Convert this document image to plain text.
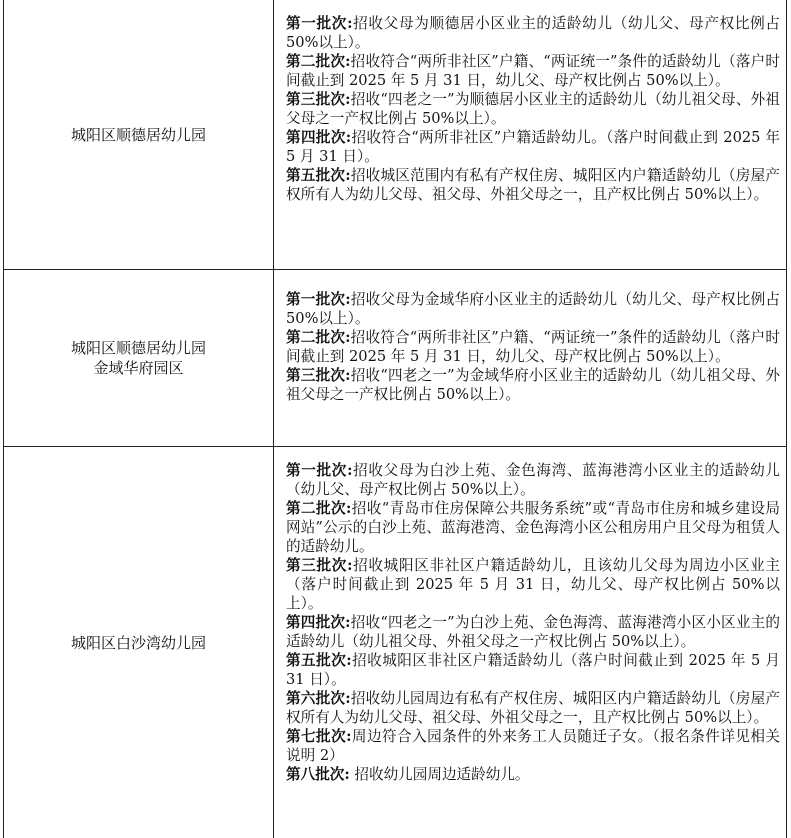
城阳区顺德居幼儿园

第一批次:招收父母为顺德居小区业主的适龄幼儿（幼儿父、母产权比例占 50%以上）。

第二批次:招收符合“两所非社区”户籍、“两证统一”条件的适龄幼儿（落户时间截止到 2025 年 5 月 31 日，幼儿父、母产权比例占 50%以上）。

第三批次:招收“四老之一”为顺德居小区业主的适龄幼儿（幼儿祖父母、外祖父母之一产权比例占 50%以上）。

第四批次:招收符合“两所非社区”户籍适龄幼儿。（落户时间截止到 2025 年 5 月 31 日）。

第五批次:招收城区范围内有私有产权住房、城阳区内户籍适龄幼儿（房屋产权所有人为幼儿父母、祖父母、外祖父母之一，且产权比例占 50%以上）。

城阳区顺德居幼儿园
金域华府园区

第一批次:招收父母为金域华府小区业主的适龄幼儿（幼儿父、母产权比例占 50%以上）。

第二批次:招收符合“两所非社区”户籍、“两证统一”条件的适龄幼儿（落户时间截止到 2025 年 5 月 31 日，幼儿父、母产权比例占 50%以上）。

第三批次:招收“四老之一”为金域华府小区业主的适龄幼儿（幼儿祖父母、外祖父母之一产权比例占 50%以上）。

城阳区白沙湾幼儿园

第一批次:招收父母为白沙上苑、金色海湾、蓝海港湾小区业主的适龄幼儿（幼儿父、母产权比例占 50%以上）。

第二批次:招收“青岛市住房保障公共服务系统”或“青岛市住房和城乡建设局网站”公示的白沙上苑、蓝海港湾、金色海湾小区公租房用户且父母为租赁人的适龄幼儿。

第三批次:招收城阳区非社区户籍适龄幼儿，且该幼儿父母为周边小区业主（落户时间截止到 2025 年 5 月 31 日，幼儿父、母产权比例占 50%以上）。

第四批次:招收“四老之一”为白沙上苑、金色海湾、蓝海港湾小区小区业主的适龄幼儿（幼儿祖父母、外祖父母之一产权比例占 50%以上）。

第五批次:招收城阳区非社区户籍适龄幼儿（落户时间截止到 2025 年 5 月 31 日）。

第六批次:招收幼儿园周边有私有产权住房、城阳区内户籍适龄幼儿（房屋产权所有人为幼儿父母、祖父母、外祖父母之一，且产权比例占 50%以上）。

第七批次:周边符合入园条件的外来务工人员随迁子女。（报名条件详见相关说明 2）

第八批次: 招收幼儿园周边适龄幼儿。
